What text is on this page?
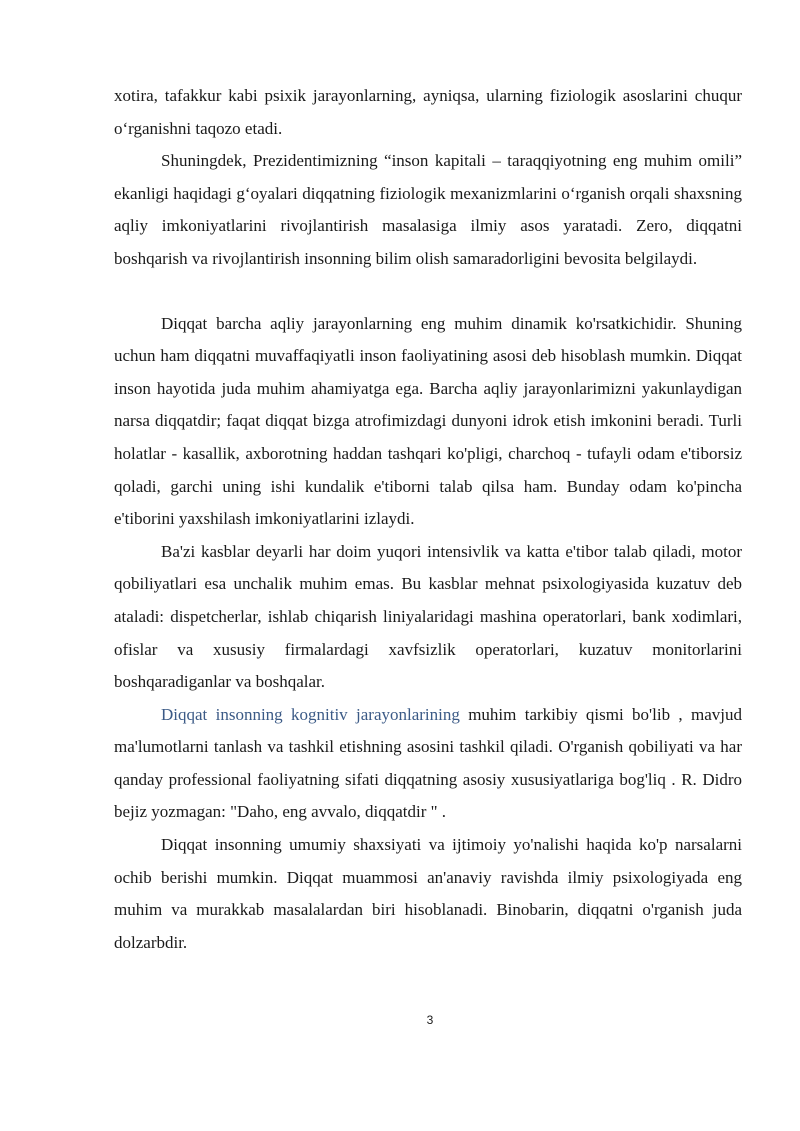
xotira, tafakkur kabi psixik jarayonlarning, ayniqsa, ularning fiziologik asoslarini chuqur o‘rganishni taqozo etadi.

Shuningdek, Prezidentimizning “inson kapitali – taraqqiyotning eng muhim omili” ekanligi haqidagi g‘oyalari diqqatning fiziologik mexanizmlarini o‘rganish orqali shaxsning aqliy imkoniyatlarini rivojlantirish masalasiga ilmiy asos yaratadi. Zero, diqqatni boshqarish va rivojlantirish insonning bilim olish samaradorligini bevosita belgilaydi.

Diqqat barcha aqliy jarayonlarning eng muhim dinamik ko'rsatkichidir. Shuning uchun ham diqqatni muvaffaqiyatli inson faoliyatining asosi deb hisoblash mumkin. Diqqat inson hayotida juda muhim ahamiyatga ega. Barcha aqliy jarayonlarimizni yakunlaydigan narsa diqqatdir; faqat diqqat bizga atrofimizdagi dunyoni idrok etish imkonini beradi. Turli holatlar - kasallik, axborotning haddan tashqari ko'pligi, charchoq - tufayli odam e'tiborsiz qoladi, garchi uning ishi kundalik e'tiborni talab qilsa ham. Bunday odam ko'pincha e'tiborini yaxshilash imkoniyatlarini izlaydi.

Ba'zi kasblar deyarli har doim yuqori intensivlik va katta e'tibor talab qiladi, motor qobiliyatlari esa unchalik muhim emas. Bu kasblar mehnat psixologiyasida kuzatuv deb ataladi: dispetcherlar, ishlab chiqarish liniyalaridagi mashina operatorlari, bank xodimlari, ofislar va xususiy firmalardagi xavfsizlik operatorlari, kuzatuv monitorlarini boshqaradiganlar va boshqalar.

Diqqat insonning kognitiv jarayonlarining muhim tarkibiy qismi bo'lib , mavjud ma'lumotlarni tanlash va tashkil etishning asosini tashkil qiladi. O'rganish qobiliyati va har qanday professional faoliyatning sifati diqqatning asosiy xususiyatlariga bog'liq . R. Didro bejiz yozmagan: "Daho, eng avvalo, diqqatdir " .

Diqqat insonning umumiy shaxsiyati va ijtimoiy yo'nalishi haqida ko'p narsalarni ochib berishi mumkin. Diqqat muammosi an'anaviy ravishda ilmiy psixologiyada eng muhim va murakkab masalalardan biri hisoblanadi. Binobarin, diqqatni o'rganish juda dolzarbdir.

3
